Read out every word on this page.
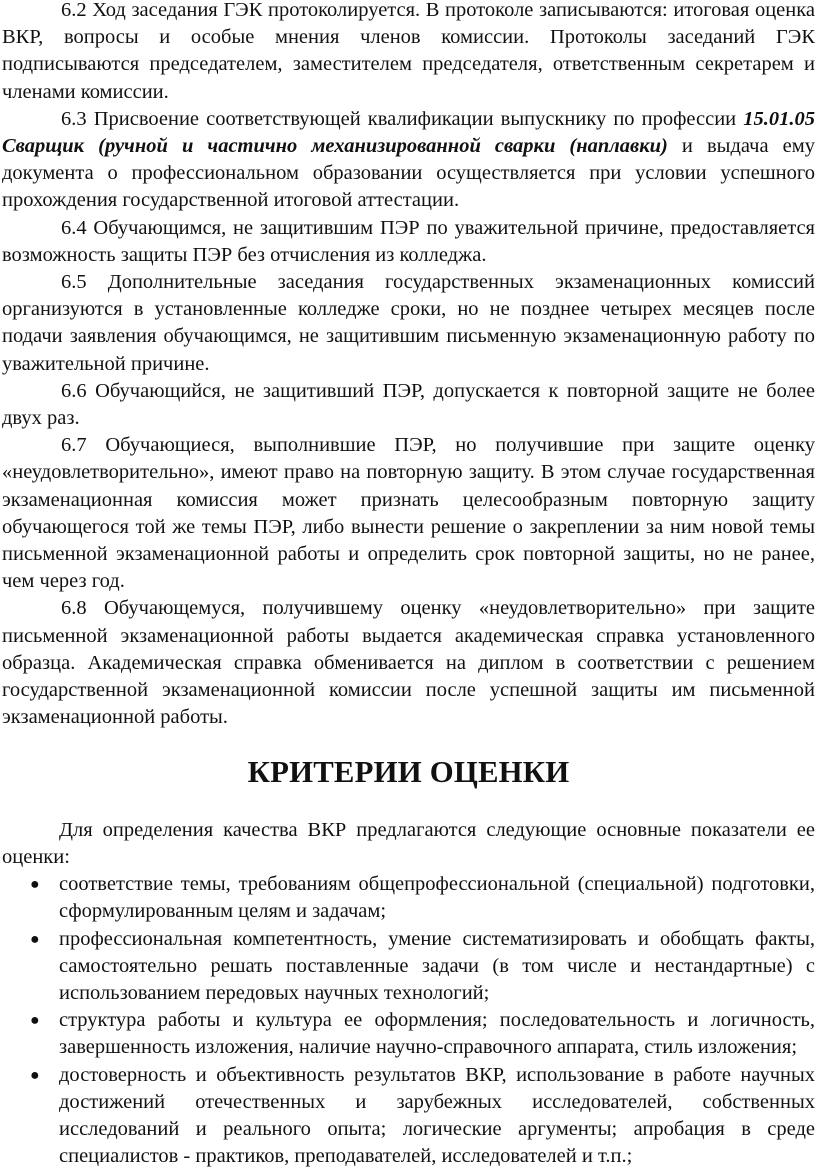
6.2 Ход заседания ГЭК протоколируется. В протоколе записываются: итоговая оценка ВКР, вопросы и особые мнения членов комиссии. Протоколы заседаний ГЭК подписываются председателем, заместителем председателя, ответственным секретарем и членами комиссии.

6.3 Присвоение соответствующей квалификации выпускнику по профессии 15.01.05 Сварщик (ручной и частично механизированной сварки (наплавки) и выдача ему документа о профессиональном образовании осуществляется при условии успешного прохождения государственной итоговой аттестации.

6.4 Обучающимся, не защитившим ПЭР по уважительной причине, предоставляется возможность защиты ПЭР без отчисления из колледжа.

6.5 Дополнительные заседания государственных экзаменационных комиссий организуются в установленные колледже сроки, но не позднее четырех месяцев после подачи заявления обучающимся, не защитившим письменную экзаменационную работу по уважительной причине.

6.6 Обучающийся, не защитивший ПЭР, допускается к повторной защите не более двух раз.

6.7 Обучающиеся, выполнившие ПЭР, но получившие при защите оценку «неудовлетворительно», имеют право на повторную защиту. В этом случае государственная экзаменационная комиссия может признать целесообразным повторную защиту обучающегося той же темы ПЭР, либо вынести решение о закреплении за ним новой темы письменной экзаменационной работы и определить срок повторной защиты, но не ранее, чем через год.

6.8 Обучающемуся, получившему оценку «неудовлетворительно» при защите письменной экзаменационной работы выдается академическая справка установленного образца. Академическая справка обменивается на диплом в соответствии с решением государственной экзаменационной комиссии после успешной защиты им письменной экзаменационной работы.

КРИТЕРИИ ОЦЕНКИ

Для определения качества ВКР предлагаются следующие основные показатели ее оценки:

● соответствие темы, требованиям общепрофессиональной (специальной) подготовки, сформулированным целям и задачам;
● профессиональная компетентность, умение систематизировать и обобщать факты, самостоятельно решать поставленные задачи (в том числе и нестандартные) с использованием передовых научных технологий;
● структура работы и культура ее оформления; последовательность и логичность, завершенность изложения, наличие научно-справочного аппарата, стиль изложения;
● достоверность и объективность результатов ВКР, использование в работе научных достижений отечественных и зарубежных исследователей, собственных исследований и реального опыта; логические аргументы; апробация в среде специалистов - практиков, преподавателей, исследователей и т.п.;
